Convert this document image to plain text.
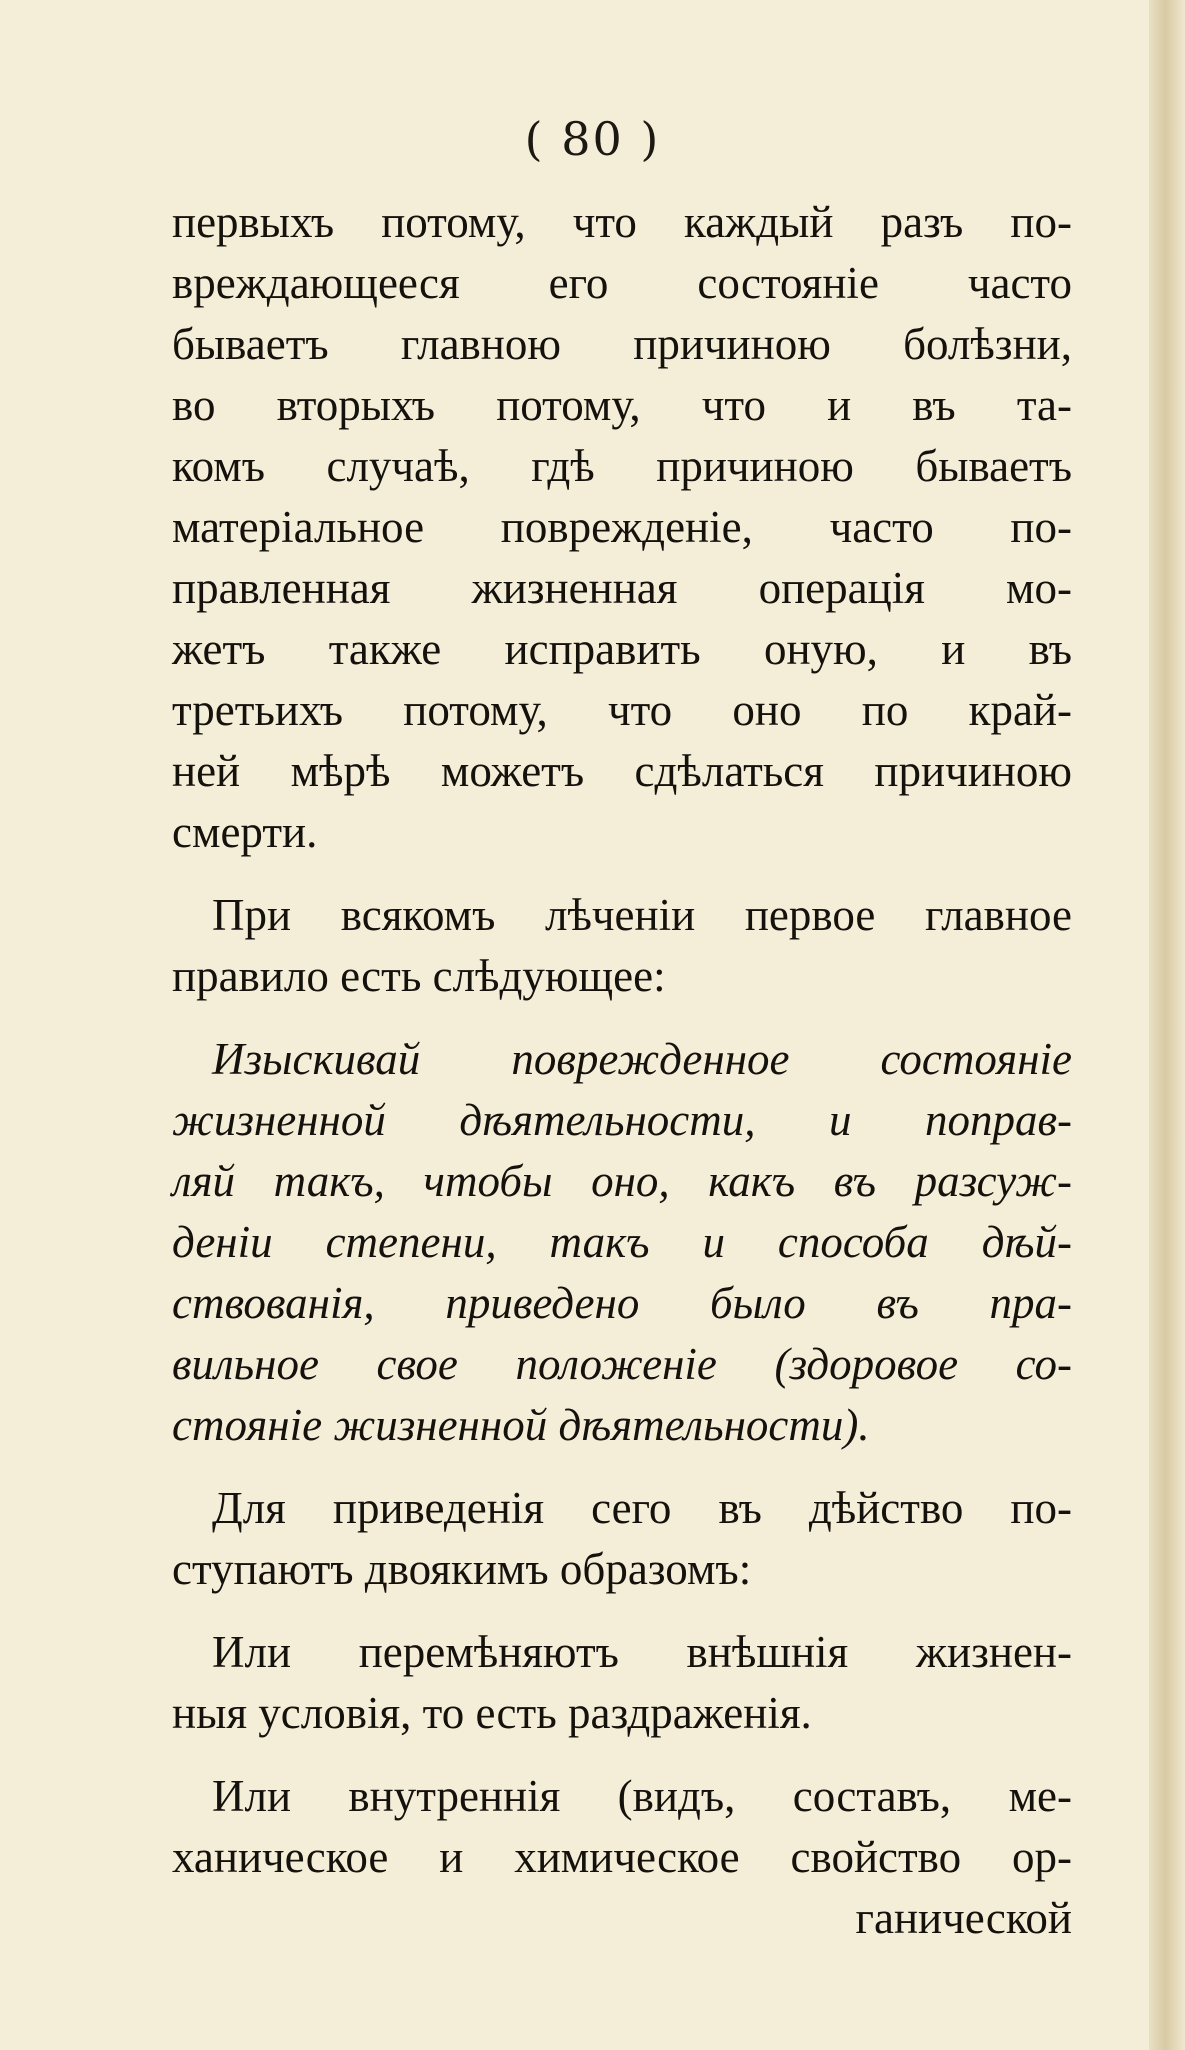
( 80 )
первыхъ потому, что каждый разъ по-
вреждающееся его состоянie часто
бываетъ главною причиною болѣзни,
во вторыхъ потому, что и въ та-
комъ случаѣ, гдѣ причиною бываетъ
матерiальное поврежденie, часто по-
правленная жизненная операцiя мо-
жетъ также исправить оную, и въ
третьихъ потому, что оно по край-
ней мѣрѣ можетъ сдѣлаться причиною
смерти.
При всякомъ лѣченiи первое главное
правило есть слѣдующее:
Изыскивай поврежденное состоянiе
жизненной дѣятельности, и поправ-
ляй такъ, чтобы оно, какъ въ разсуж-
денiи степени, такъ и способа дѣй-
ствованiя, приведено было въ пра-
вильное свое положенiе (здоровое со-
стоянiе жизненной дѣятельности).
Для приведенiя сего въ дѣйство по-
ступаютъ двоякимъ образомъ:
Или перемѣняютъ внѣшнiя жизнен-
ныя условiя, то есть раздраженiя.
Или внутреннiя (видъ, составъ, ме-
ханическое и химическое свойство ор-
ганической
